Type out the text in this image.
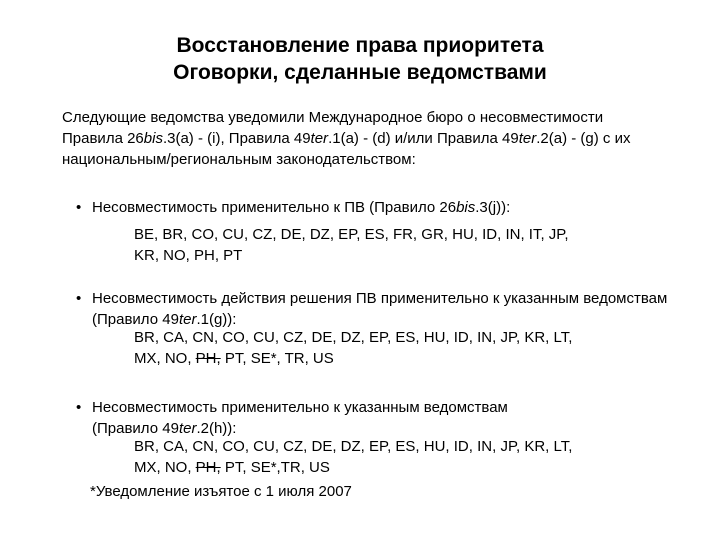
Восстановление права приоритета
Оговорки, сделанные ведомствами

Следующие ведомства уведомили Международное бюро о несовместимости

Правила 26bis.3(a) - (i), Правила 49ter.1(a) - (d) и/или Правила 49ter.2(a) - (g) с их

национальным/региональным законодательством:

• Несовместимость применительно к ПВ (Правило 26bis.3(j)):
BE, BR, CO, CU, CZ, DE, DZ, EP, ES, FR, GR, HU, ID, IN, IT, JP,
KR, NO, PH, PT
• Несовместимость действия решения ПВ применительно к указанным ведомствам
(Правило 49ter.1(g)):
BR, CA, CN, CO, CU, CZ, DE, DZ, EP, ES, HU, ID, IN, JP, KR, LT,
MX, NO, PH, PT, SE*, TR, US
• Несовместимость применительно к указанным ведомствам
(Правило 49ter.2(h)):
BR, CA, CN, CO, CU, CZ, DE, DZ, EP, ES, HU, ID, IN, JP, KR, LT,
MX, NO, PH, PT, SE*,TR, US
*Уведомление изъятое с 1 июля 2007
